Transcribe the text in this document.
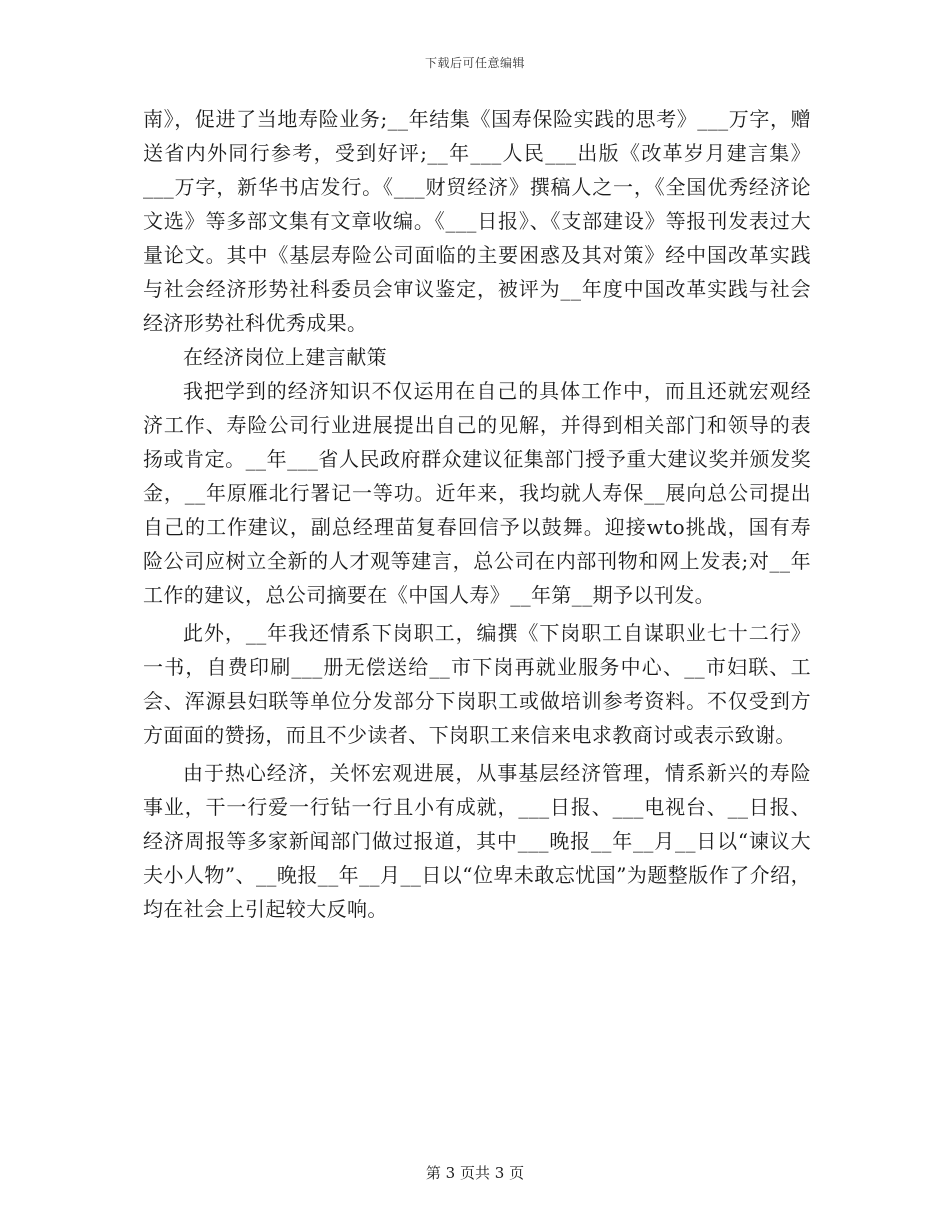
下载后可任意编辑

南》，促进了当地寿险业务;__年结集《国寿保险实践的思考》___万字，赠送省内外同行参考，受到好评;__年___人民___出版《改革岁月建言集》___万字，新华书店发行。《___财贸经济》撰稿人之一，《全国优秀经济论文选》等多部文集有文章收编。《___日报》、《支部建设》等报刊发表过大量论文。其中《基层寿险公司面临的主要困惑及其对策》经中国改革实践与社会经济形势社科委员会审议鉴定，被评为__年度中国改革实践与社会经济形势社科优秀成果。

在经济岗位上建言献策

我把学到的经济知识不仅运用在自己的具体工作中，而且还就宏观经济工作、寿险公司行业进展提出自己的见解，并得到相关部门和领导的表扬或肯定。__年___省人民政府群众建议征集部门授予重大建议奖并颁发奖金，__年原雁北行署记一等功。近年来，我均就人寿保__展向总公司提出自己的工作建议，副总经理苗复春回信予以鼓舞。迎接wto挑战，国有寿险公司应树立全新的人才观等建言，总公司在内部刊物和网上发表;对__年工作的建议，总公司摘要在《中国人寿》__年第__期予以刊发。

此外，__年我还情系下岗职工，编撰《下岗职工自谋职业七十二行》一书，自费印刷___册无偿送给__市下岗再就业服务中心、__市妇联、工会、浑源县妇联等单位分发部分下岗职工或做培训参考资料。不仅受到方方面面的赞扬，而且不少读者、下岗职工来信来电求教商讨或表示致谢。

由于热心经济，关怀宏观进展，从事基层经济管理，情系新兴的寿险事业，干一行爱一行钻一行且小有成就，___日报、___电视台、__日报、经济周报等多家新闻部门做过报道，其中___晚报__年__月__日以“谏议大夫小人物”、__晚报__年__月__日以“位卑未敢忘忧国”为题整版作了介绍，均在社会上引起较大反响。

第 3 页共 3 页
